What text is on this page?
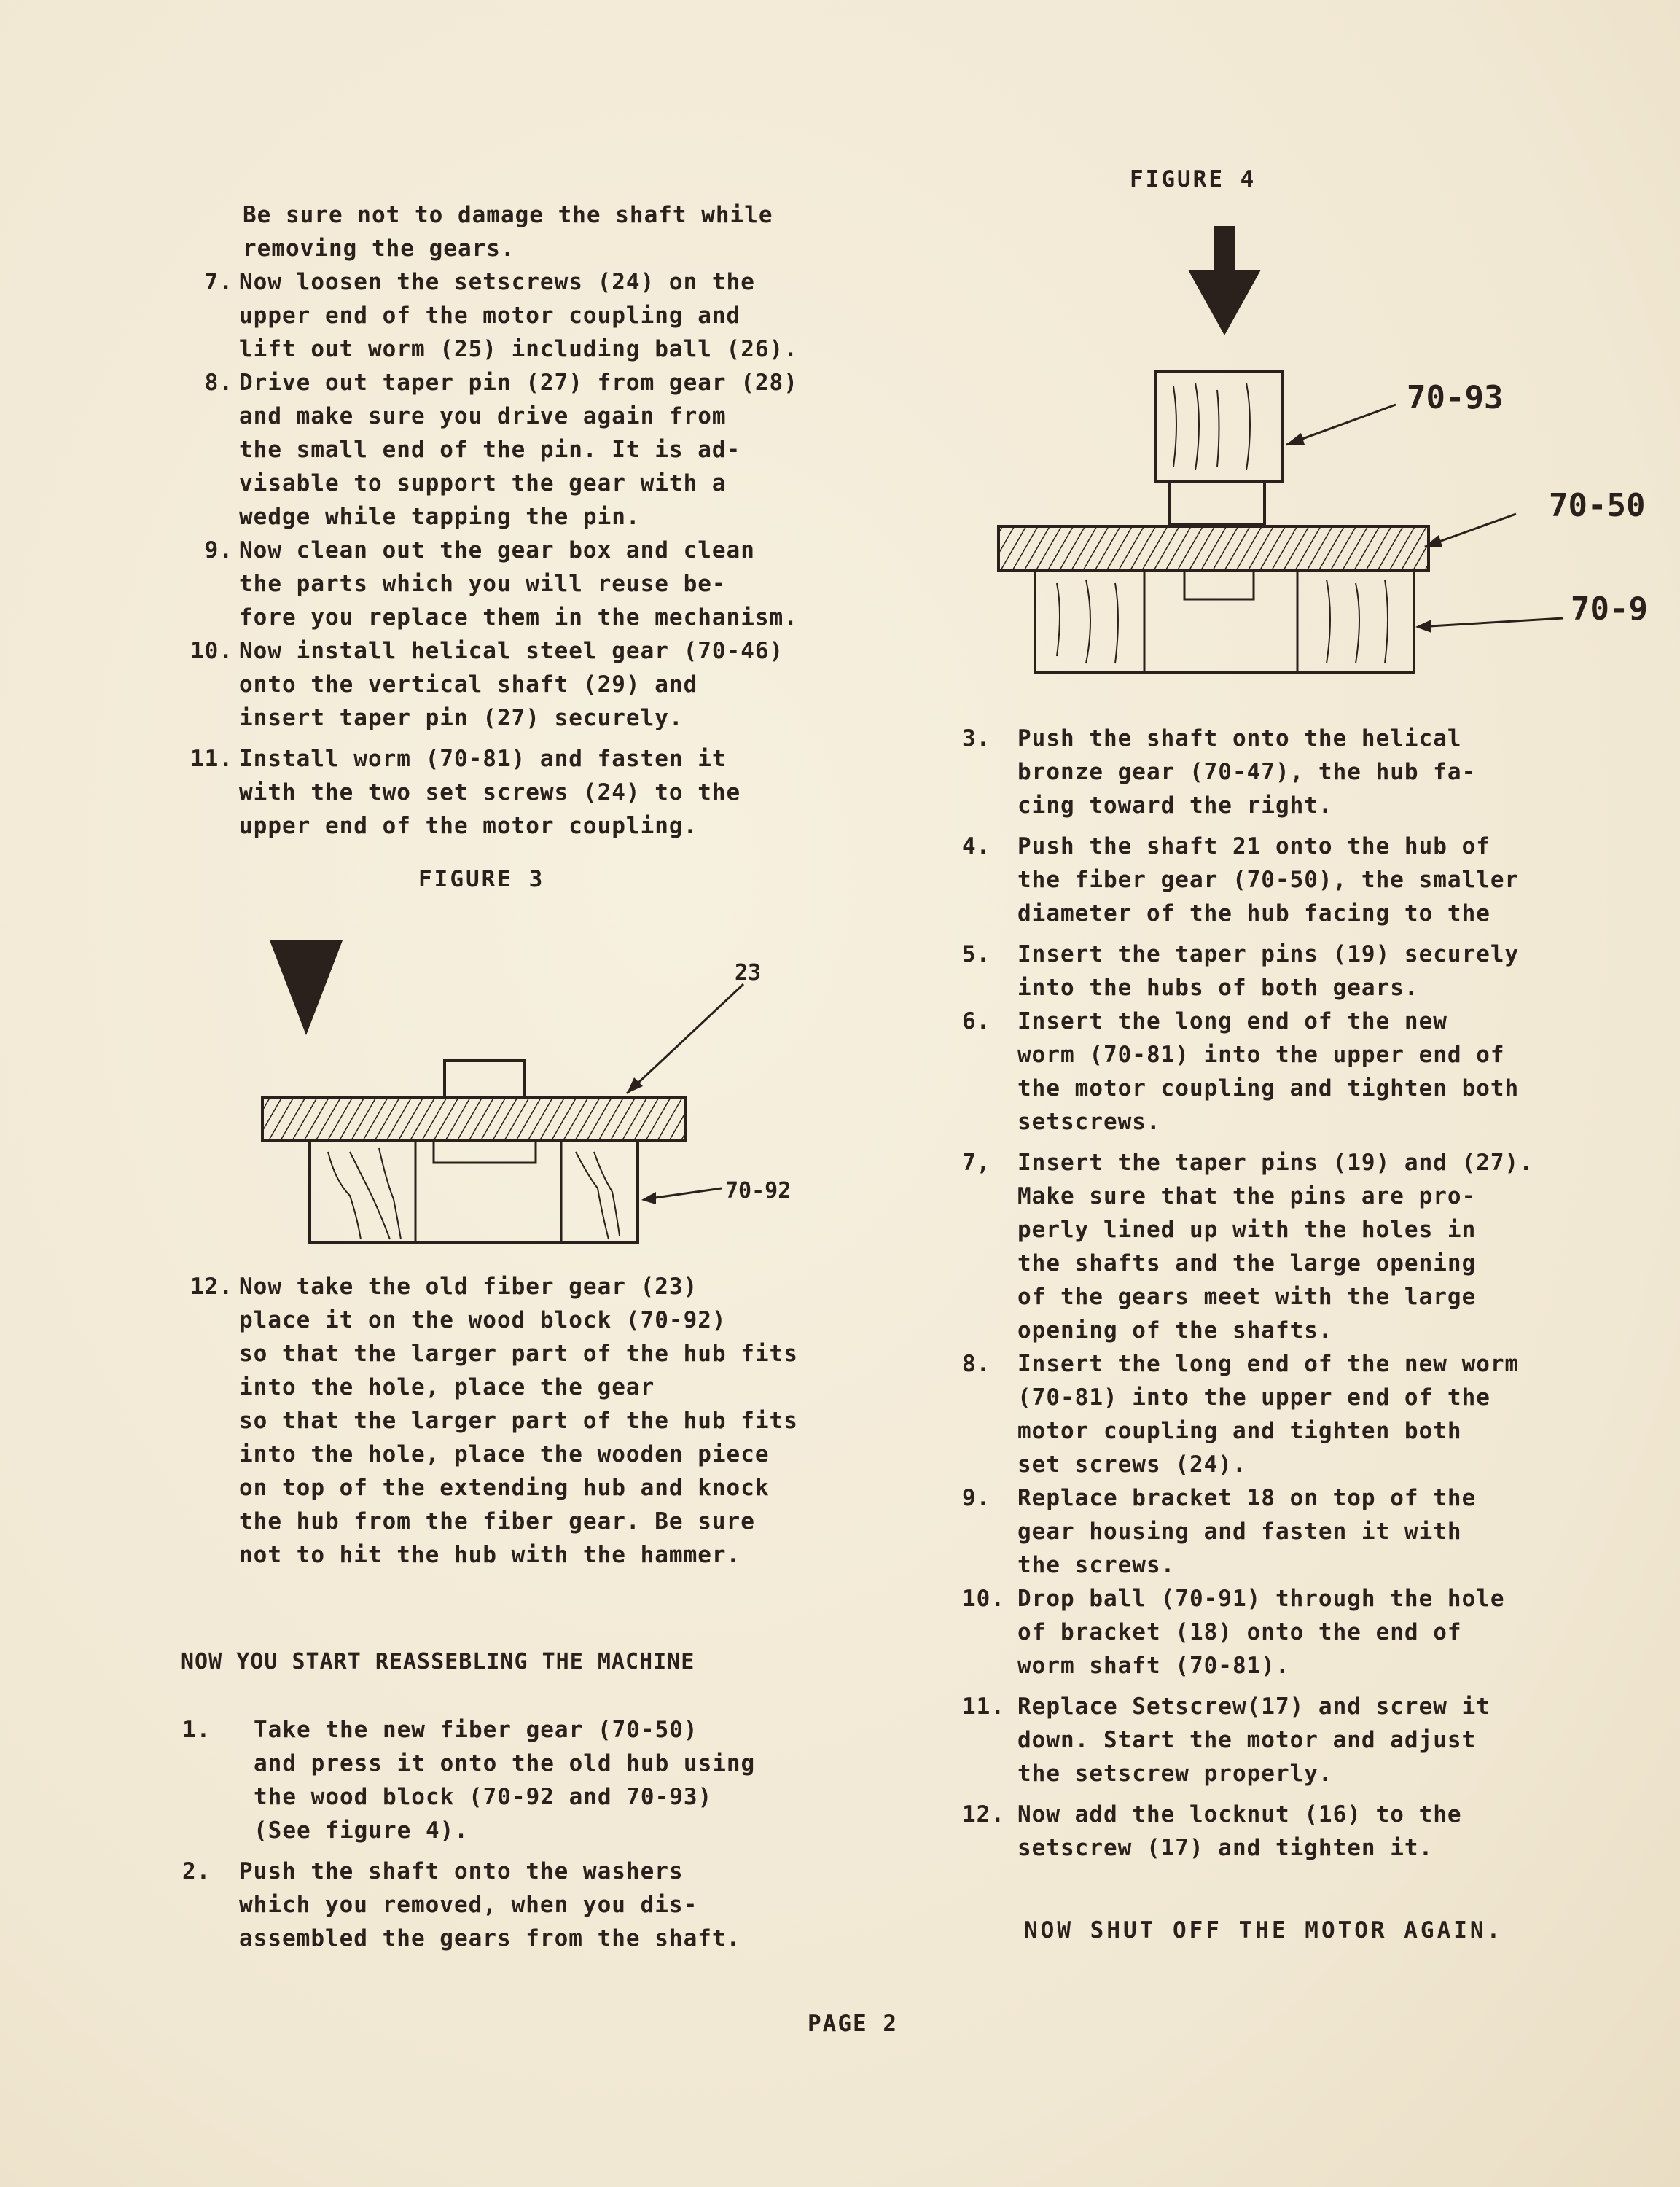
Be sure not to damage the shaft while
removing the gears.
7. Now loosen the setscrews (24) on the
upper end of the motor coupling and
lift out worm (25) including ball (26).
8. Drive out taper pin (27) from gear (28)
and make sure you drive again from
the small end of the pin. It is ad-
visable to support the gear with a
wedge while tapping the pin.
9. Now clean out the gear box and clean
the parts which you will reuse be-
fore you replace them in the mechanism.
10. Now install helical steel gear (70-46)
onto the vertical shaft (29) and
insert taper pin (27) securely.
11. Install worm (70-81) and fasten it
with the two set screws (24) to the
upper end of the motor coupling.
FIGURE 3
23
70-92
12. Now take the old fiber gear (23)
place it on the wood block (70-92)
so that the larger part of the hub fits
into the hole, place the gear
so that the larger part of the hub fits
into the hole, place the wooden piece
on top of the extending hub and knock
the hub from the fiber gear. Be sure
not to hit the hub with the hammer.
NOW YOU START REASSEBLING THE MACHINE
1.	Take the new fiber gear (70-50)
and press it onto the old hub using
the wood block (70-92 and 70-93)
(See figure 4).
2.	Push the shaft onto the washers
which you removed, when you dis-
assembled the gears from the shaft.
FIGURE 4
70-93
70-50
70-9
3.	Push the shaft onto the helical
bronze gear (70-47), the hub fa-
cing toward the right.
4.	Push the shaft 21 onto the hub of
the fiber gear (70-50), the smaller
diameter of the hub facing to the
5.	Insert the taper pins (19) securely
into the hubs of both gears.
6.	Insert the long end of the new
worm (70-81) into the upper end of
the motor coupling and tighten both
setscrews.
7,	Insert the taper pins (19) and (27).
Make sure that the pins are pro-
perly lined up with the holes in
the shafts and the large opening
of the gears meet with the large
opening of the shafts.
8.	Insert the long end of the new worm
(70-81) into the upper end of the
motor coupling and tighten both
set screws (24).
9.	Replace bracket 18 on top of the
gear housing and fasten it with
the screws.
10. Drop ball (70-91) through the hole
of bracket (18) onto the end of
worm shaft (70-81).
11. Replace Setscrew(17) and screw it
down. Start the motor and adjust
the setscrew properly.
12. Now add the locknut (16) to the
setscrew (17) and tighten it.
NOW SHUT OFF THE MOTOR AGAIN.
PAGE 2
